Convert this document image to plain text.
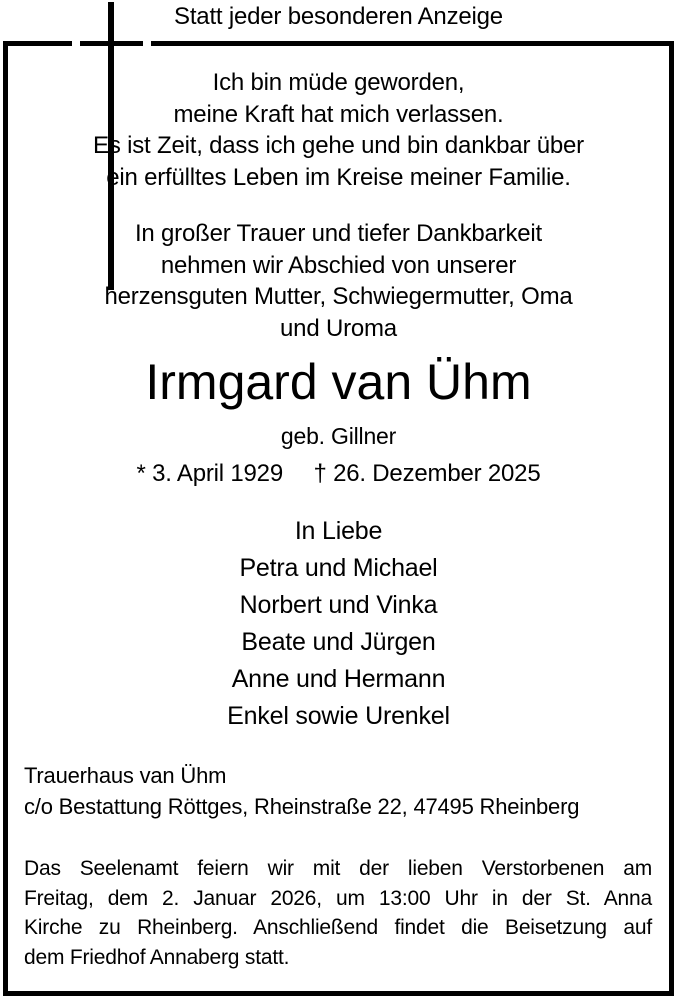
Statt jeder besonderen Anzeige
Ich bin müde geworden,
meine Kraft hat mich verlassen.
Es ist Zeit, dass ich gehe und bin dankbar über
ein erfülltes Leben im Kreise meiner Familie.
In großer Trauer und tiefer Dankbarkeit
nehmen wir Abschied von unserer
herzensguten Mutter, Schwiegermutter, Oma
und Uroma
Irmgard van Ühm
geb. Gillner
* 3. April 1929 † 26. Dezember 2025
In Liebe
Petra und Michael
Norbert und Vinka
Beate und Jürgen
Anne und Hermann
Enkel sowie Urenkel
Trauerhaus van Ühm
c/o Bestattung Röttges, Rheinstraße 22, 47495 Rheinberg
Das Seelenamt feiern wir mit der lieben Verstorbenen am
Freitag, dem 2. Januar 2026, um 13:00 Uhr in der St. Anna
Kirche zu Rheinberg. Anschließend findet die Beisetzung auf
dem Friedhof Annaberg statt.
